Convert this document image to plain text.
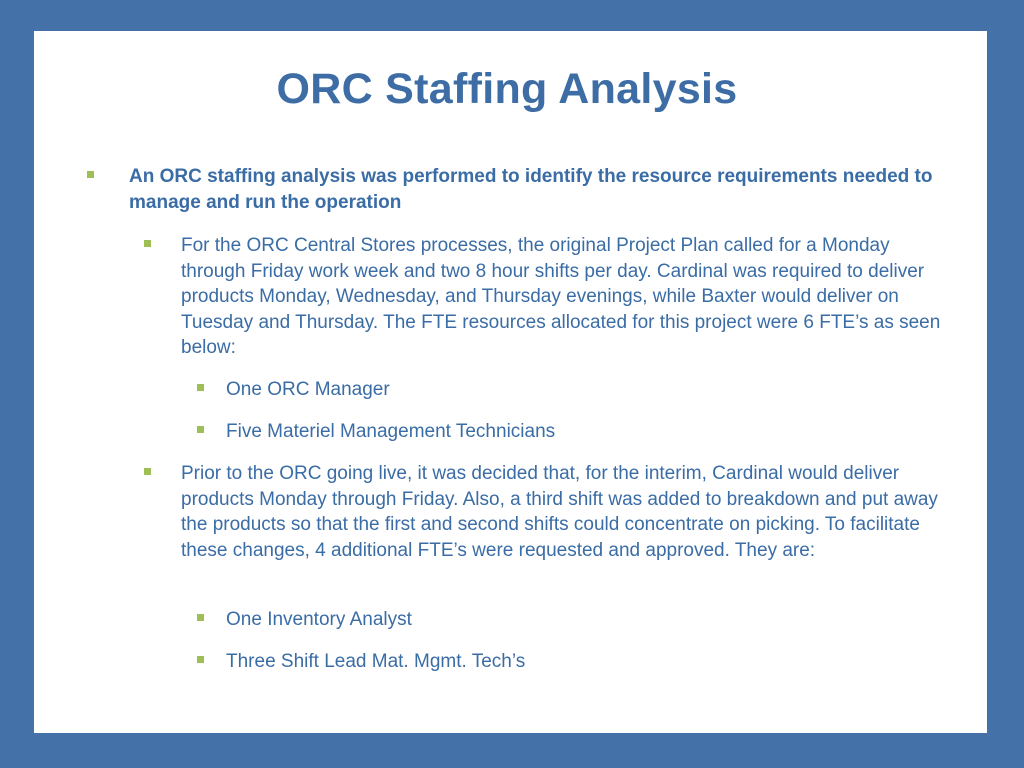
ORC Staffing Analysis

An ORC staffing analysis was performed to identify the resource requirements needed to manage and run the operation

For the ORC Central Stores processes, the original Project Plan called for a Monday through Friday work week and two 8 hour shifts per day. Cardinal was required to deliver products Monday, Wednesday, and Thursday evenings, while Baxter would deliver on Tuesday and Thursday. The FTE resources allocated for this project were 6 FTE’s as seen below:

One ORC Manager

Five Materiel Management Technicians

Prior to the ORC going live, it was decided that, for the interim, Cardinal would deliver products Monday through Friday. Also, a third shift was added to breakdown and put away the products so that the first and second shifts could concentrate on picking. To facilitate these changes, 4 additional FTE’s were requested and approved. They are:

One Inventory Analyst

Three Shift Lead Mat. Mgmt. Tech’s
